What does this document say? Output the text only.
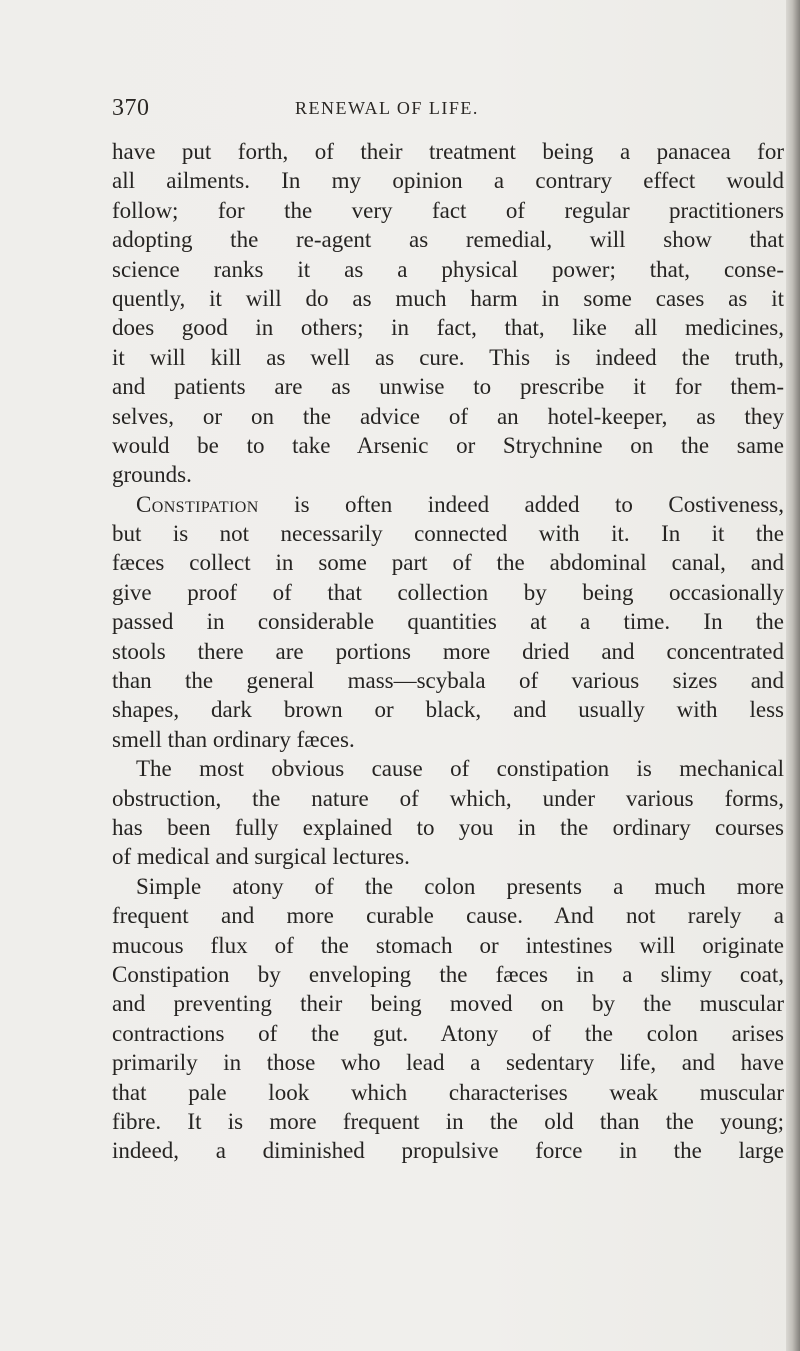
370	RENEWAL OF LIFE.
have put forth, of their treatment being a panacea for
all ailments. In my opinion a contrary effect would
follow; for the very fact of regular practitioners
adopting the re-agent as remedial, will show that
science ranks it as a physical power; that, conse-
quently, it will do as much harm in some cases as it
does good in others; in fact, that, like all medicines,
it will kill as well as cure. This is indeed the truth,
and patients are as unwise to prescribe it for them-
selves, or on the advice of an hotel-keeper, as they
would be to take Arsenic or Strychnine on the same
grounds.
Constipation is often indeed added to Costiveness,
but is not necessarily connected with it. In it the
fæces collect in some part of the abdominal canal, and
give proof of that collection by being occasionally
passed in considerable quantities at a time. In the
stools there are portions more dried and concentrated
than the general mass—scybala of various sizes and
shapes, dark brown or black, and usually with less
smell than ordinary fæces.
The most obvious cause of constipation is mechanical
obstruction, the nature of which, under various forms,
has been fully explained to you in the ordinary courses
of medical and surgical lectures.
Simple atony of the colon presents a much more
frequent and more curable cause. And not rarely a
mucous flux of the stomach or intestines will originate
Constipation by enveloping the fæces in a slimy coat,
and preventing their being moved on by the muscular
contractions of the gut. Atony of the colon arises
primarily in those who lead a sedentary life, and have
that pale look which characterises weak muscular
fibre. It is more frequent in the old than the young;
indeed, a diminished propulsive force in the large
